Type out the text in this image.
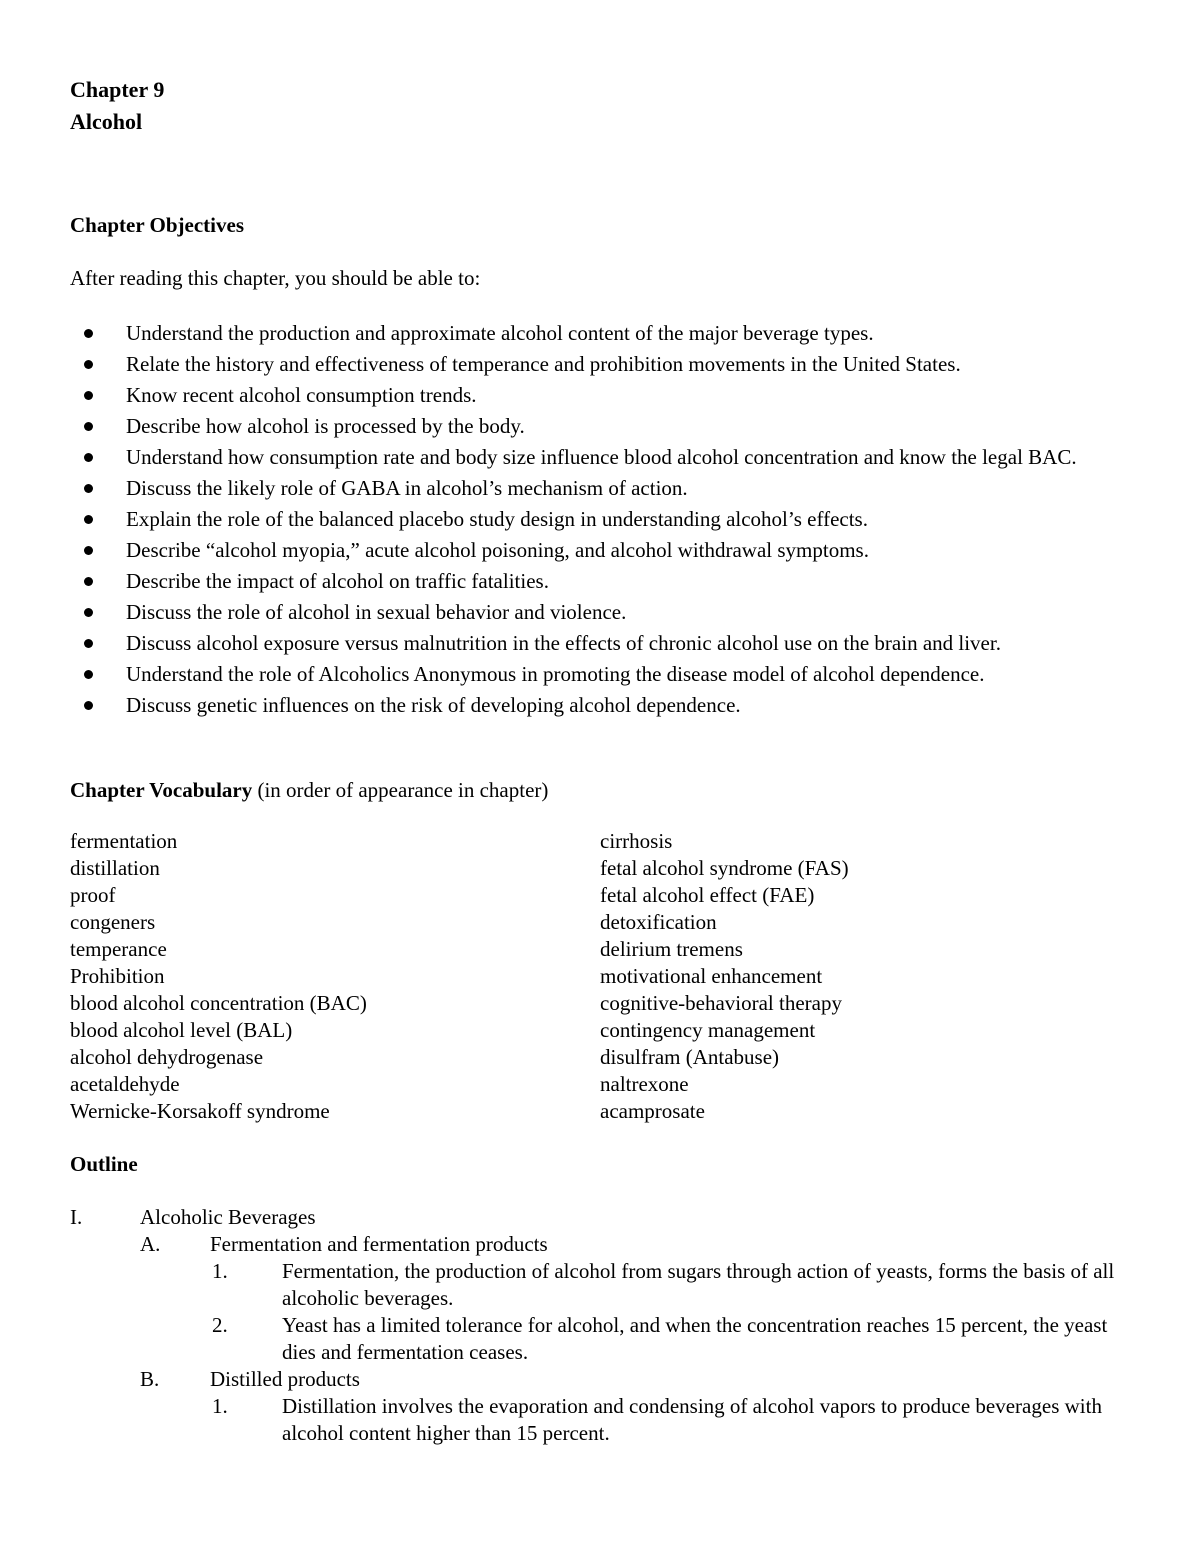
Chapter 9
Alcohol
Chapter Objectives
After reading this chapter, you should be able to:
Understand the production and approximate alcohol content of the major beverage types.
Relate the history and effectiveness of temperance and prohibition movements in the United States.
Know recent alcohol consumption trends.
Describe how alcohol is processed by the body.
Understand how consumption rate and body size influence blood alcohol concentration and know the legal BAC.
Discuss the likely role of GABA in alcohol’s mechanism of action.
Explain the role of the balanced placebo study design in understanding alcohol’s effects.
Describe “alcohol myopia,” acute alcohol poisoning, and alcohol withdrawal symptoms.
Describe the impact of alcohol on traffic fatalities.
Discuss the role of alcohol in sexual behavior and violence.
Discuss alcohol exposure versus malnutrition in the effects of chronic alcohol use on the brain and liver.
Understand the role of Alcoholics Anonymous in promoting the disease model of alcohol dependence.
Discuss genetic influences on the risk of developing alcohol dependence.
Chapter Vocabulary (in order of appearance in chapter)
fermentation
distillation
proof
congeners
temperance
Prohibition
blood alcohol concentration (BAC)
blood alcohol level (BAL)
alcohol dehydrogenase
acetaldehyde
Wernicke-Korsakoff syndrome
cirrhosis
fetal alcohol syndrome (FAS)
fetal alcohol effect (FAE)
detoxification
delirium tremens
motivational enhancement
cognitive-behavioral therapy
contingency management
disulfram (Antabuse)
naltrexone
acamprosate
Outline
I.	Alcoholic Beverages
A. Fermentation and fermentation products
1.	Fermentation, the production of alcohol from sugars through action of yeasts, forms the basis of all alcoholic beverages.
2.	Yeast has a limited tolerance for alcohol, and when the concentration reaches 15 percent, the yeast dies and fermentation ceases.
B. Distilled products
1.	Distillation involves the evaporation and condensing of alcohol vapors to produce beverages with alcohol content higher than 15 percent.
